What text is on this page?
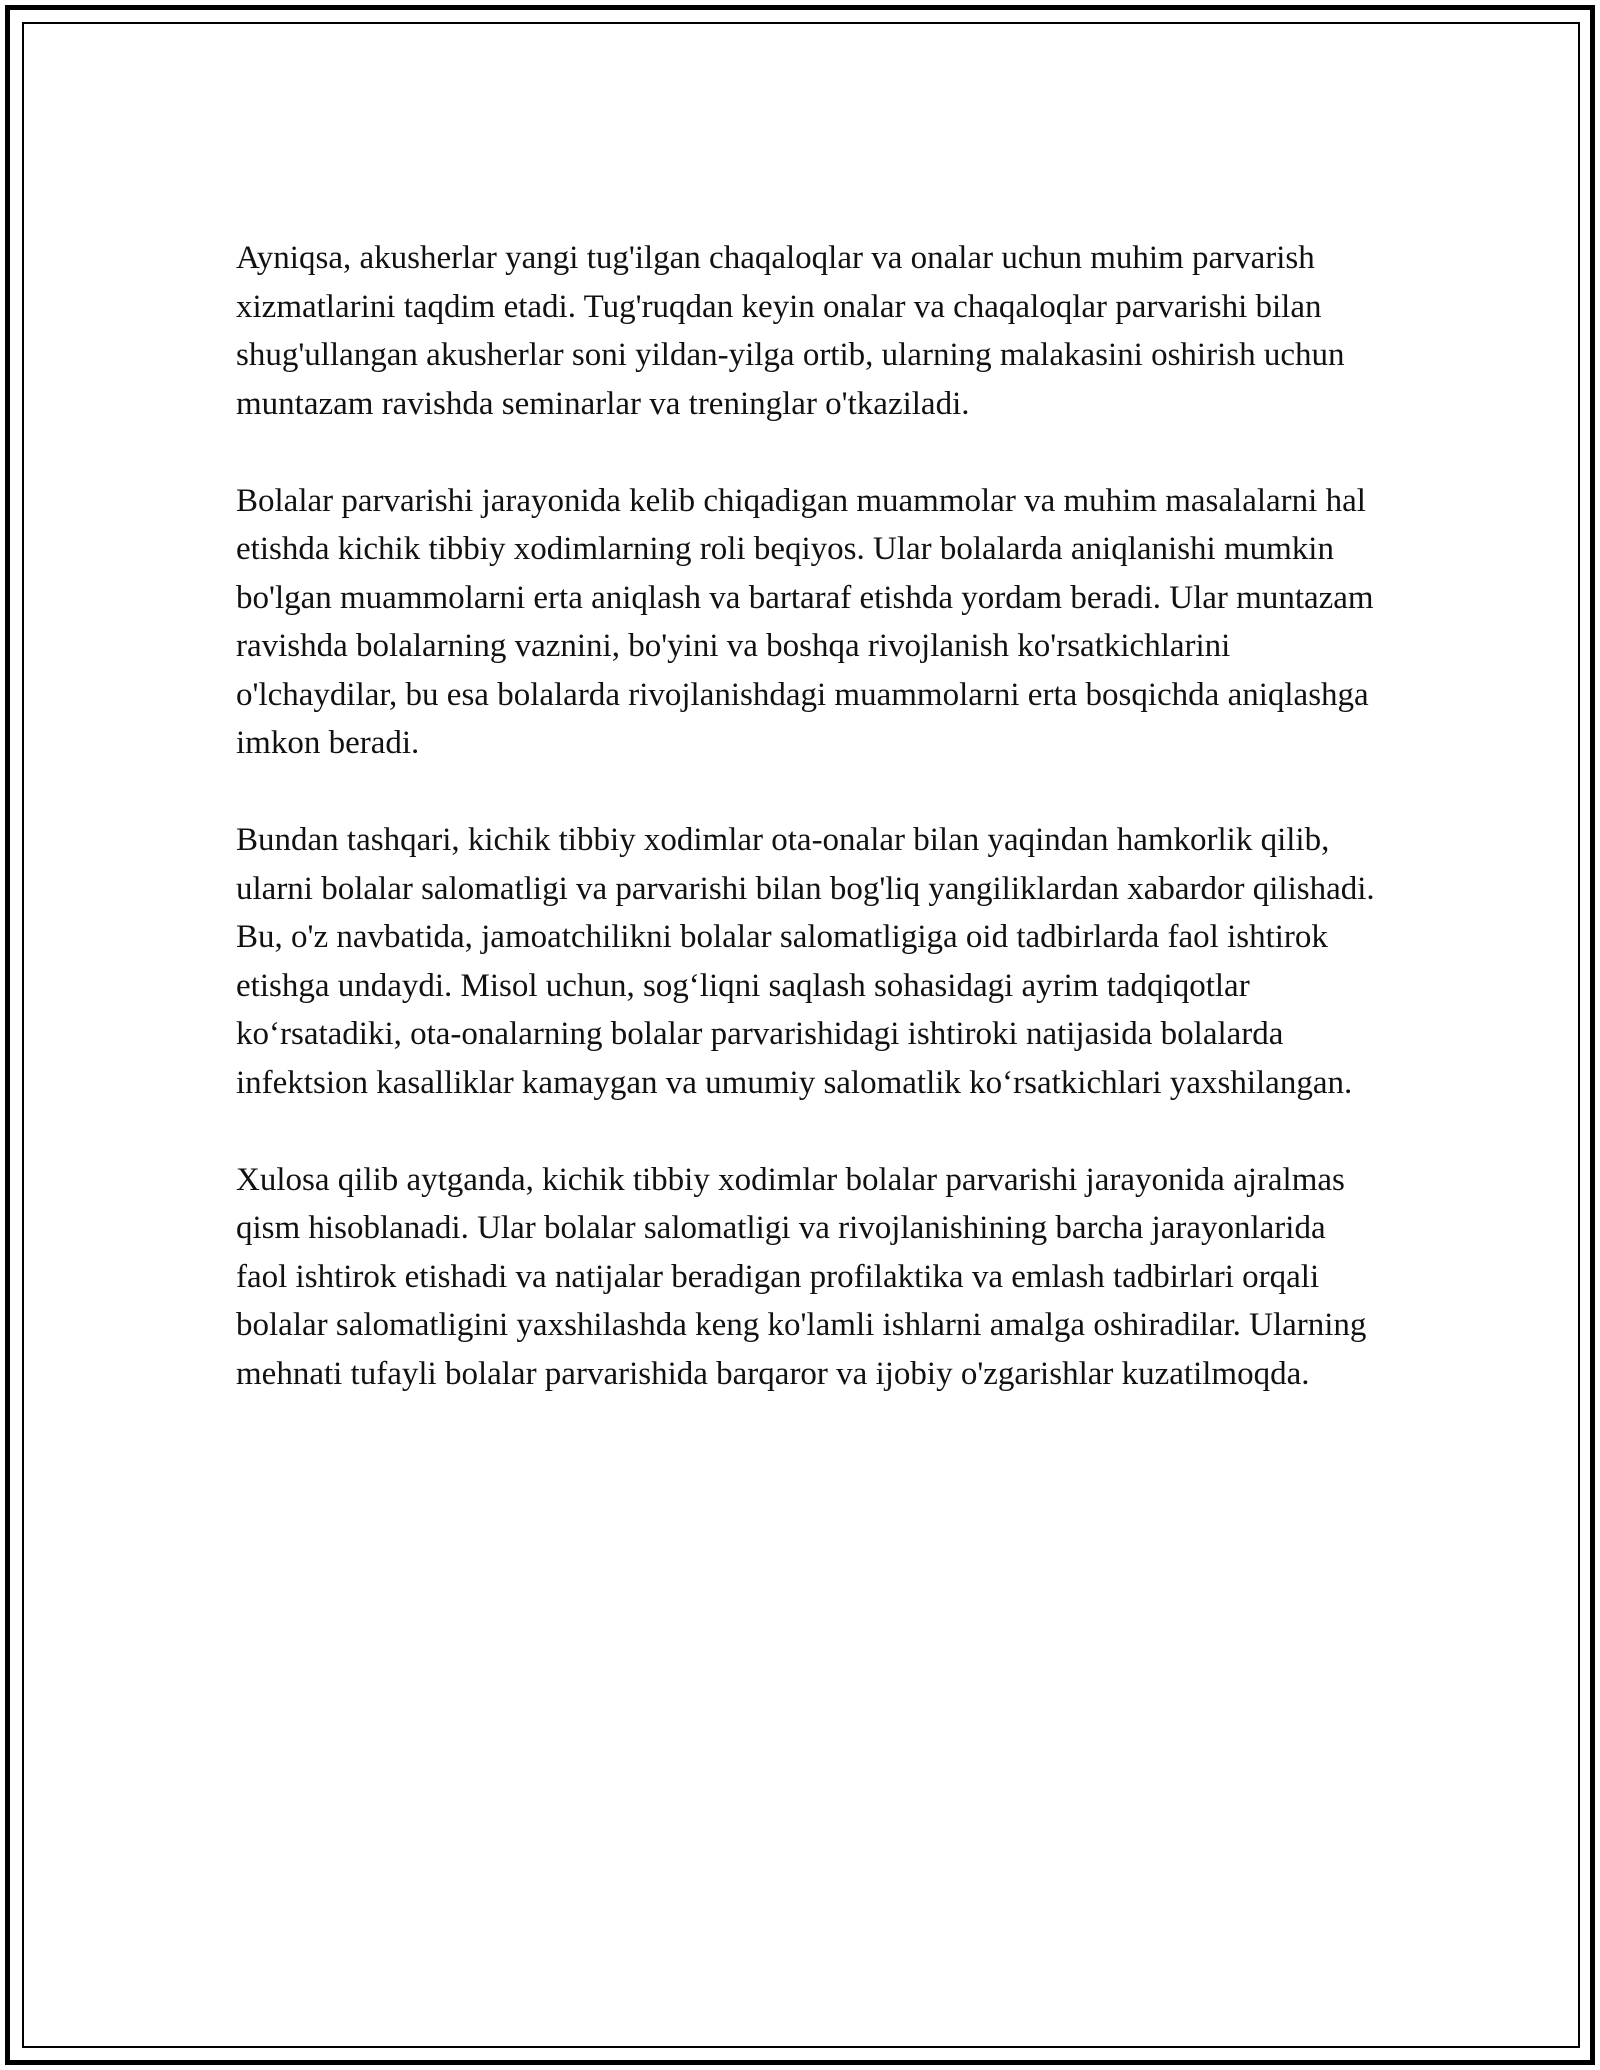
Ayniqsa, akusherlar yangi tug'ilgan chaqaloqlar va onalar uchun muhim parvarish xizmatlarini taqdim etadi. Tug'ruqdan keyin onalar va chaqaloqlar parvarishi bilan shug'ullangan akusherlar soni yildan-yilga ortib, ularning malakasini oshirish uchun muntazam ravishda seminarlar va treninglar o'tkaziladi.

Bolalar parvarishi jarayonida kelib chiqadigan muammolar va muhim masalalarni hal etishda kichik tibbiy xodimlarning roli beqiyos. Ular bolalarda aniqlanishi mumkin bo'lgan muammolarni erta aniqlash va bartaraf etishda yordam beradi. Ular muntazam ravishda bolalarning vaznini, bo'yini va boshqa rivojlanish ko'rsatkichlarini o'lchaydilar, bu esa bolalarda rivojlanishdagi muammolarni erta bosqichda aniqlashga imkon beradi.

Bundan tashqari, kichik tibbiy xodimlar ota-onalar bilan yaqindan hamkorlik qilib, ularni bolalar salomatligi va parvarishi bilan bog'liq yangiliklardan xabardor qilishadi. Bu, o'z navbatida, jamoatchilikni bolalar salomatligiga oid tadbirlarda faol ishtirok etishga undaydi. Misol uchun, sog‘liqni saqlash sohasidagi ayrim tadqiqotlar ko‘rsatadiki, ota-onalarning bolalar parvarishidagi ishtiroki natijasida bolalarda infektsion kasalliklar kamaygan va umumiy salomatlik ko‘rsatkichlari yaxshilangan.

Xulosa qilib aytganda, kichik tibbiy xodimlar bolalar parvarishi jarayonida ajralmas qism hisoblanadi. Ular bolalar salomatligi va rivojlanishining barcha jarayonlarida faol ishtirok etishadi va natijalar beradigan profilaktika va emlash tadbirlari orqali bolalar salomatligini yaxshilashda keng ko'lamli ishlarni amalga oshiradilar. Ularning mehnati tufayli bolalar parvarishida barqaror va ijobiy o'zgarishlar kuzatilmoqda.
